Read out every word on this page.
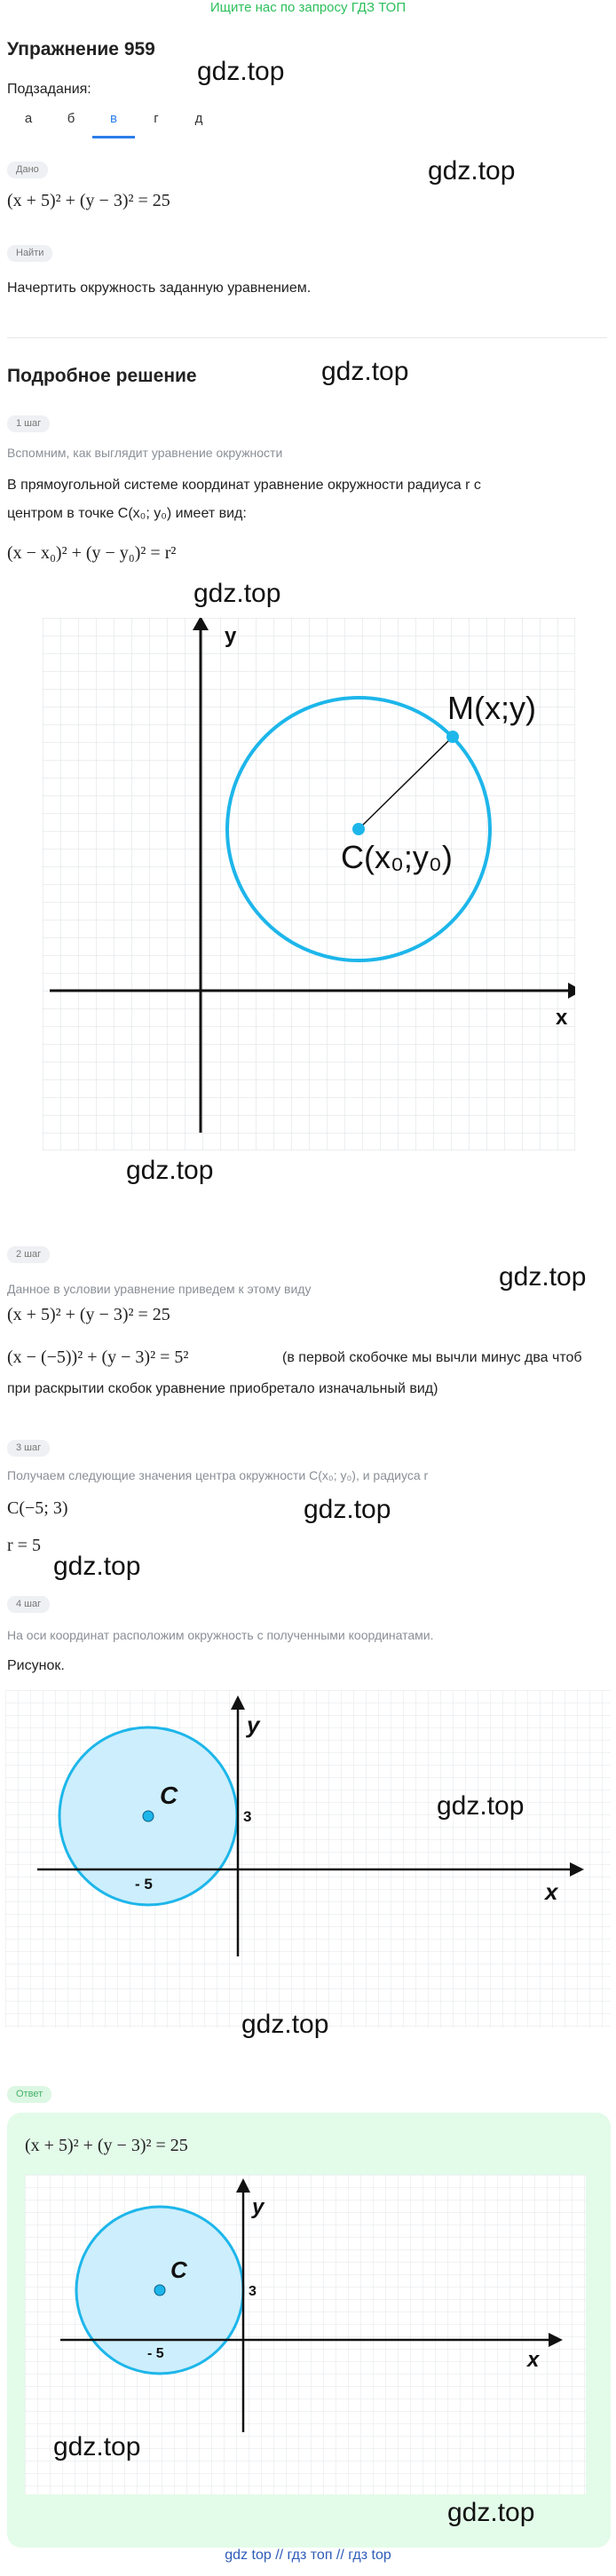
Ищите нас по запросу ГДЗ ТОП
Упражнение 959
gdz.top
Подзадания:
а	б	в	г	д
Дано	gdz.top
(x + 5)² + (y − 3)² = 25
Найти
Начертить окружность заданную уравнением.
Подробное решение	gdz.top
1 шаг
Вспомним, как выглядит уравнение окружности
В прямоугольной системе координат уравнение окружности радиуса r с
центром в точке C(x₀; y₀) имеет вид:
(x − x₀)² + (y − y₀)² = r²
gdz.top
y
x
M(x;y)
C(x₀;y₀)
gdz.top
2 шаг
gdz.top
Данное в условии уравнение приведем к этому виду
(x + 5)² + (y − 3)² = 25
(x − (−5))² + (y − 3)² = 5²	(в первой скобочке мы вычли минус два чтоб
при раскрытии скобок уравнение приобретало изначальный вид)
3 шаг
Получаем следующие значения центра окружности C(x₀; y₀), и радиуса r
C(−5; 3)	gdz.top
r = 5
gdz.top
4 шаг
На оси координат расположим окружность с полученными координатами.
Рисунок.
C
y
x
3
- 5
gdz.top
gdz.top
Ответ
(x + 5)² + (y − 3)² = 25
C
y
x
3
- 5
gdz.top
gdz.top
gdz top // гдз топ // гдз top
